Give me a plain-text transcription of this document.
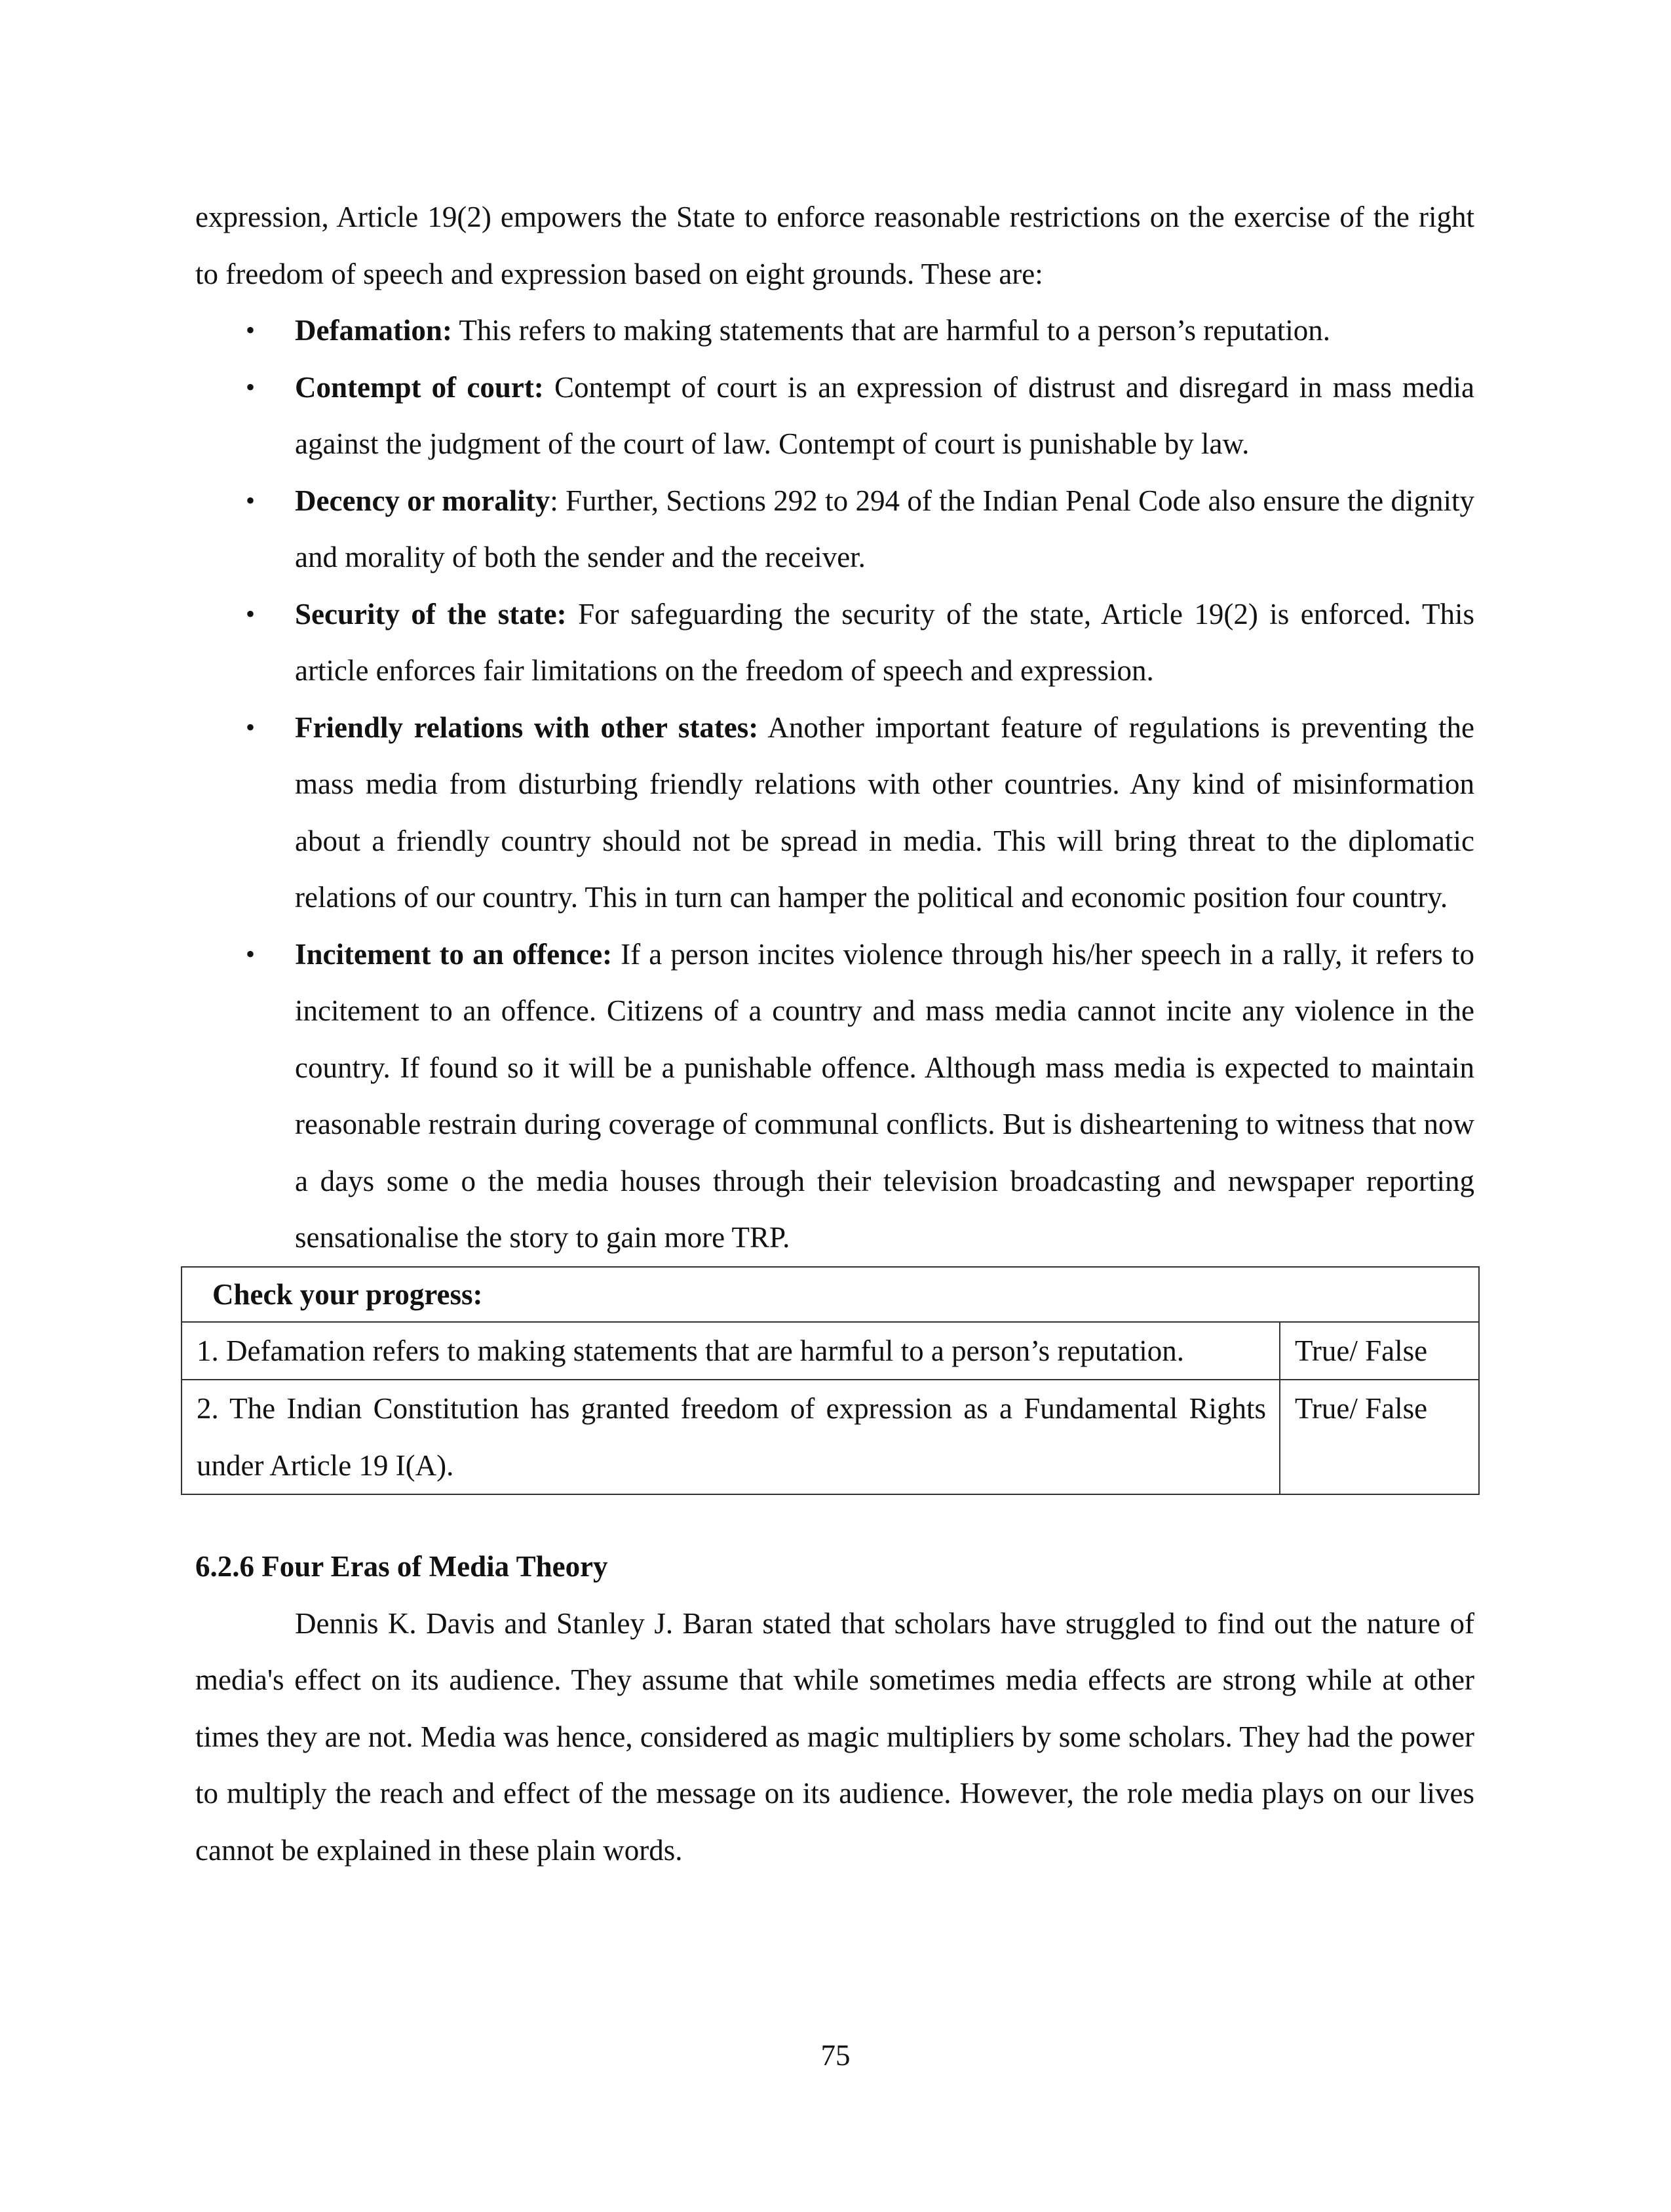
expression, Article 19(2) empowers the State to enforce reasonable restrictions on the exercise of the right to freedom of speech and expression based on eight grounds. These are:

• Defamation: This refers to making statements that are harmful to a person’s reputation.
• Contempt of court: Contempt of court is an expression of distrust and disregard in mass media against the judgment of the court of law. Contempt of court is punishable by law.
• Decency or morality: Further, Sections 292 to 294 of the Indian Penal Code also ensure the dignity and morality of both the sender and the receiver.
• Security of the state: For safeguarding the security of the state, Article 19(2) is enforced. This article enforces fair limitations on the freedom of speech and expression.
• Friendly relations with other states: Another important feature of regulations is preventing the mass media from disturbing friendly relations with other countries. Any kind of misinformation about a friendly country should not be spread in media. This will bring threat to the diplomatic relations of our country. This in turn can hamper the political and economic position four country.
• Incitement to an offence: If a person incites violence through his/her speech in a rally, it refers to incitement to an offence. Citizens of a country and mass media cannot incite any violence in the country. If found so it will be a punishable offence. Although mass media is expected to maintain reasonable restrain during coverage of communal conflicts. But is disheartening to witness that now a days some o the media houses through their television broadcasting and newspaper reporting sensationalise the story to gain more TRP.
Check your progress:	
1. Defamation refers to making statements that are harmful to a person’s reputation.	True/ False
2. The Indian Constitution has granted freedom of expression as a Fundamental Rights under Article 19 I(A).	True/ False
6.2.6 Four Eras of Media Theory

Dennis K. Davis and Stanley J. Baran stated that scholars have struggled to find out the nature of media's effect on its audience. They assume that while sometimes media effects are strong while at other times they are not. Media was hence, considered as magic multipliers by some scholars. They had the power to multiply the reach and effect of the message on its audience. However, the role media plays on our lives cannot be explained in these plain words.

75
